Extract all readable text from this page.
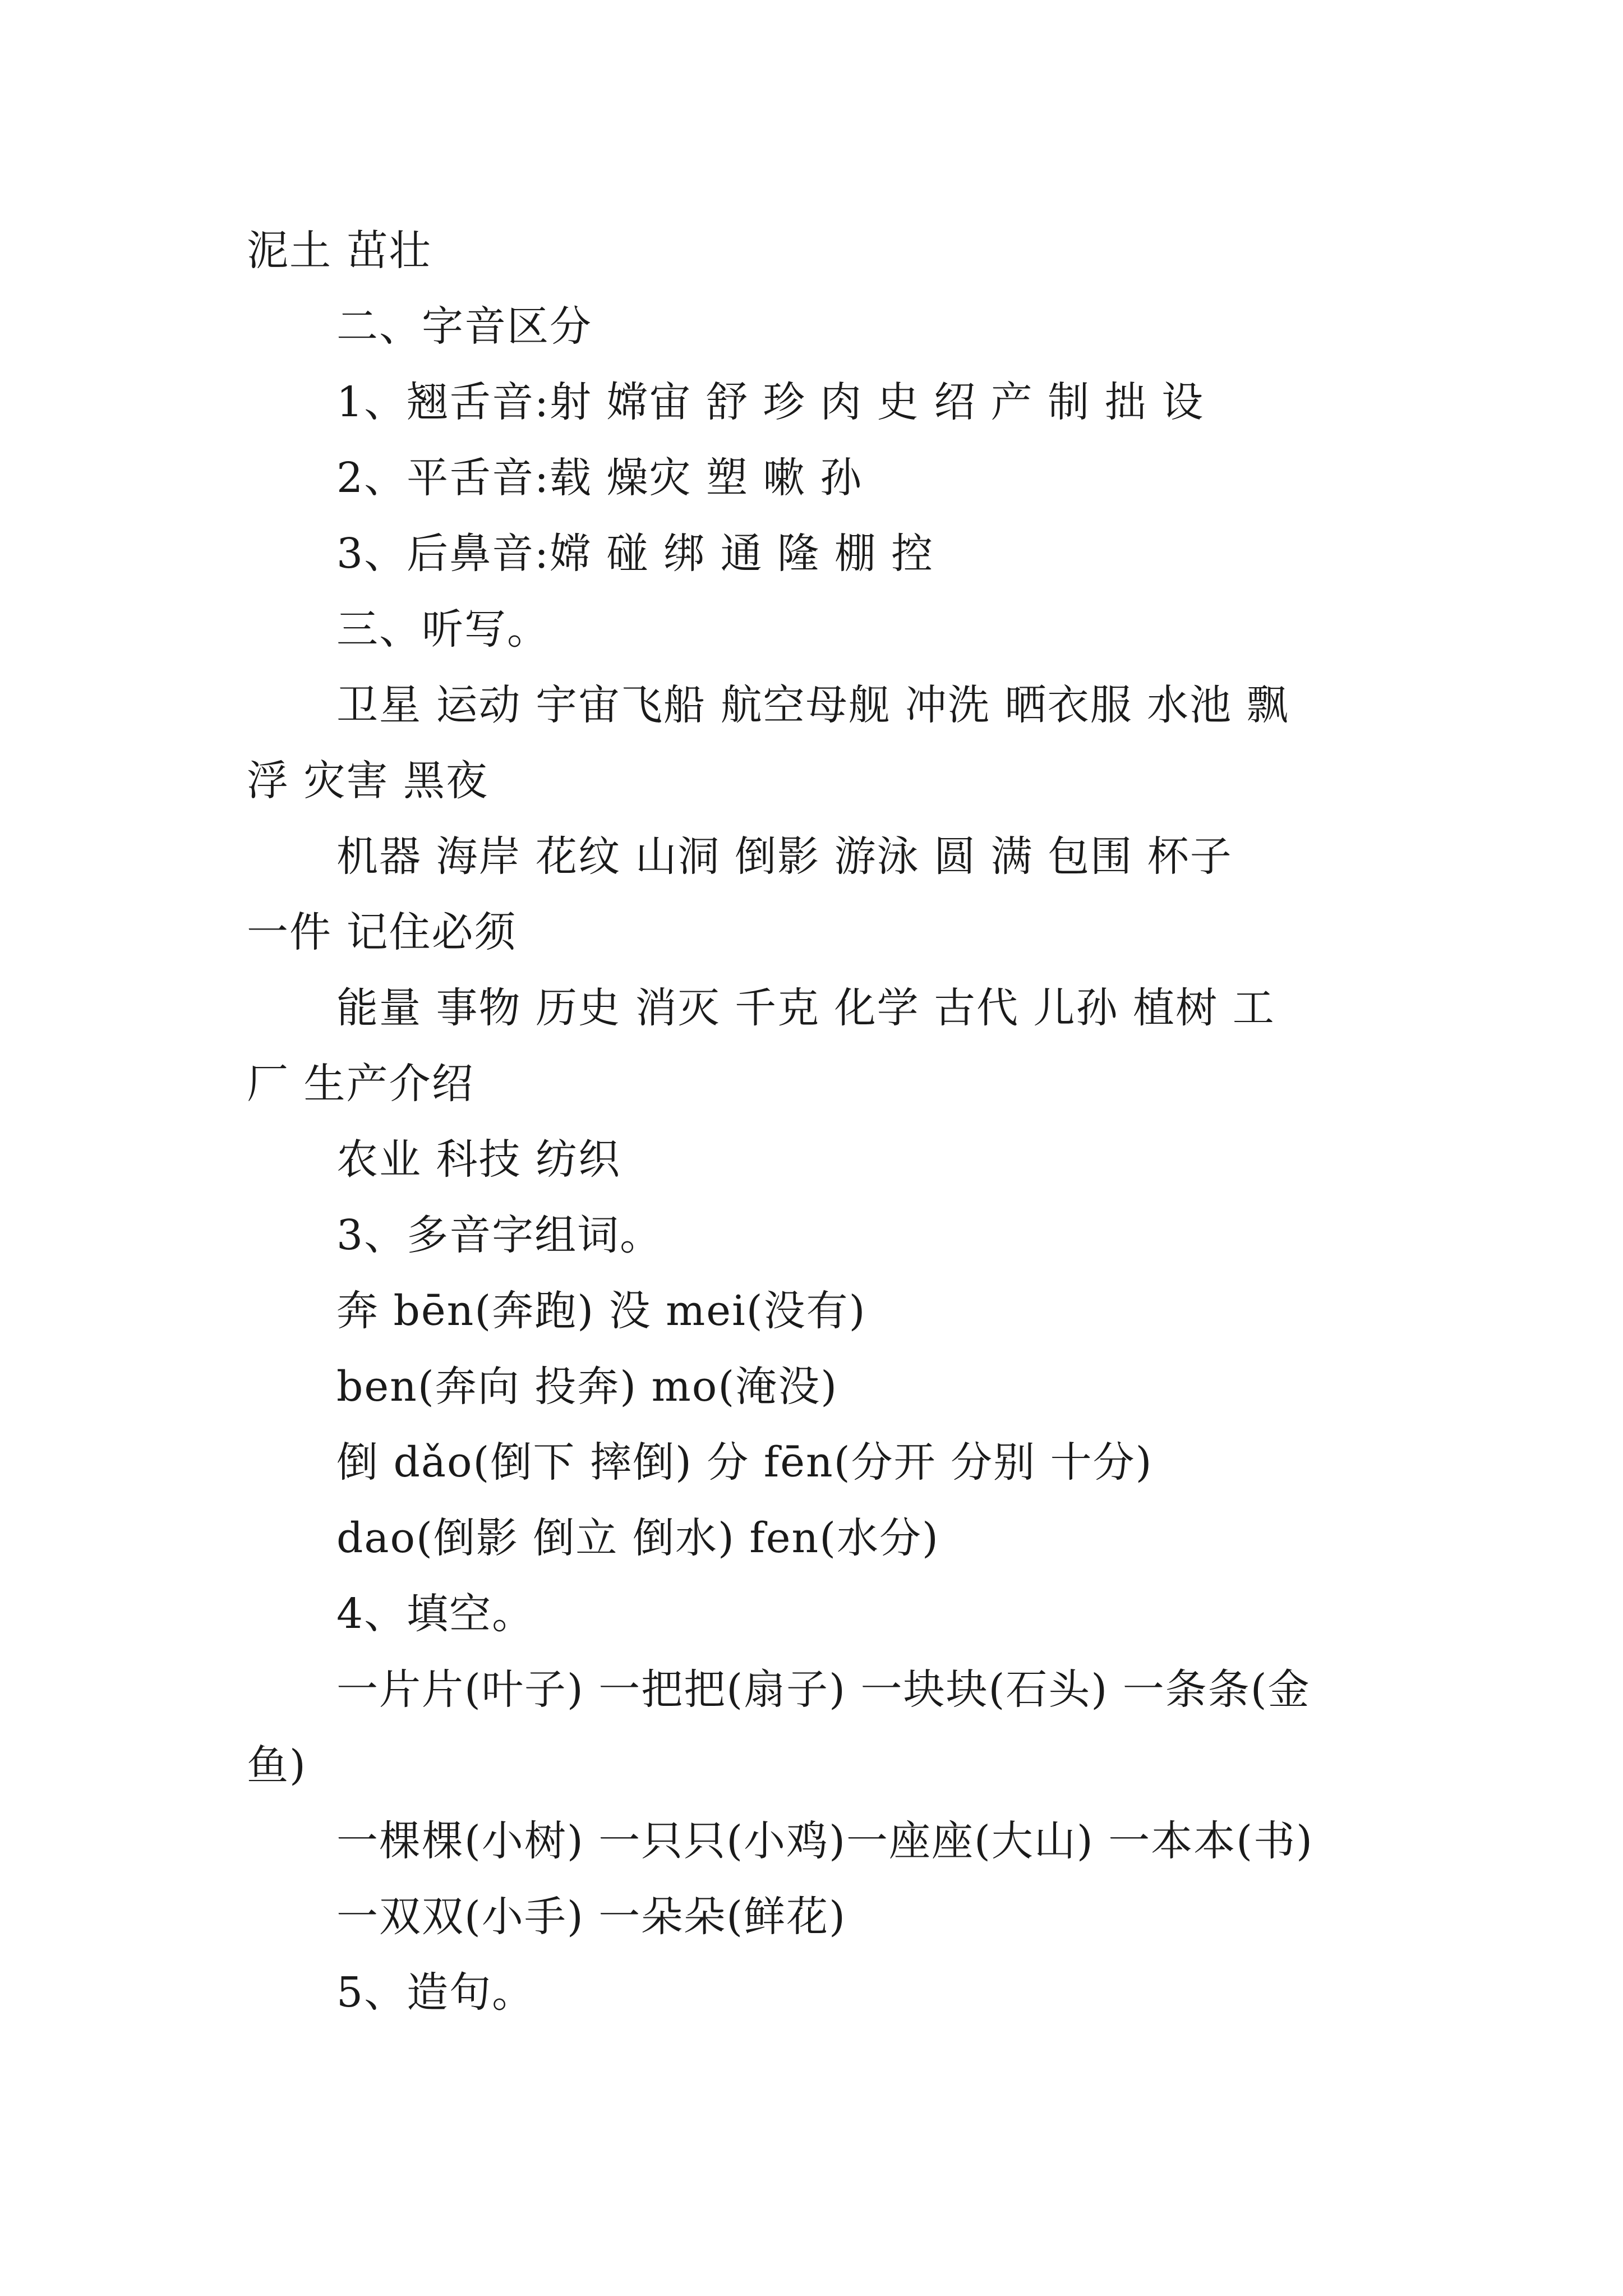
泥土 茁壮
二、字音区分
1、翘舌音:射 嫦宙 舒 珍 肉 史 绍 产 制 拙 设
2、平舌音:载 燥灾 塑 嗽 孙
3、后鼻音:嫦 碰 绑 通 隆 棚 控
三、听写。
卫星 运动 宇宙飞船 航空母舰 冲洗 晒衣服 水池 飘
浮 灾害 黑夜
机器 海岸 花纹 山洞 倒影 游泳 圆 满 包围 杯子
一件 记住必须
能量 事物 历史 消灭 千克 化学 古代 儿孙 植树 工
厂 生产介绍
农业 科技 纺织
3、多音字组词。
奔 bēn(奔跑) 没 mei(没有)
ben(奔向 投奔) mo(淹没)
倒 dǎo(倒下 摔倒) 分 fēn(分开 分别 十分)
dao(倒影 倒立 倒水) fen(水分)
4、填空。
一片片(叶子) 一把把(扇子) 一块块(石头) 一条条(金
鱼)
一棵棵(小树) 一只只(小鸡)一座座(大山) 一本本(书)
一双双(小手) 一朵朵(鲜花)
5、造句。
